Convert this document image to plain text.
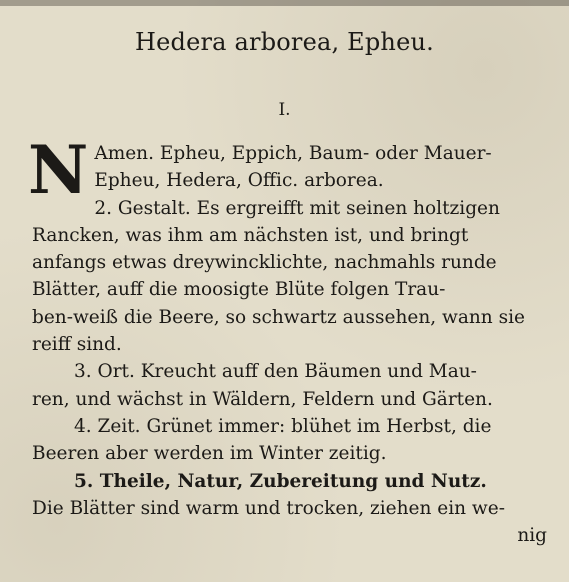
Hedera arborea, Epheu.
I.
N Amen. Epheu, Eppich, Baum- oder Mauer-
Epheu, Hedera, Offic. arborea.
2. Gestalt. Es ergreifft mit seinen holtzigen
Rancken, was ihm am nächsten ist, und bringt
anfangs etwas dreywincklichte, nachmahls runde
Blätter, auff die moosigte Blüte folgen Trau-
ben-weiß die Beere, so schwartz aussehen, wann sie
reiff sind.
3. Ort. Kreucht auff den Bäumen und Mau-
ren, und wächst in Wäldern, Feldern und Gärten.
4. Zeit. Grünet immer: blühet im Herbst, die
Beeren aber werden im Winter zeitig.
5. Theile, Natur, Zubereitung und Nutz.
Die Blätter sind warm und trocken, ziehen ein we-
nig
